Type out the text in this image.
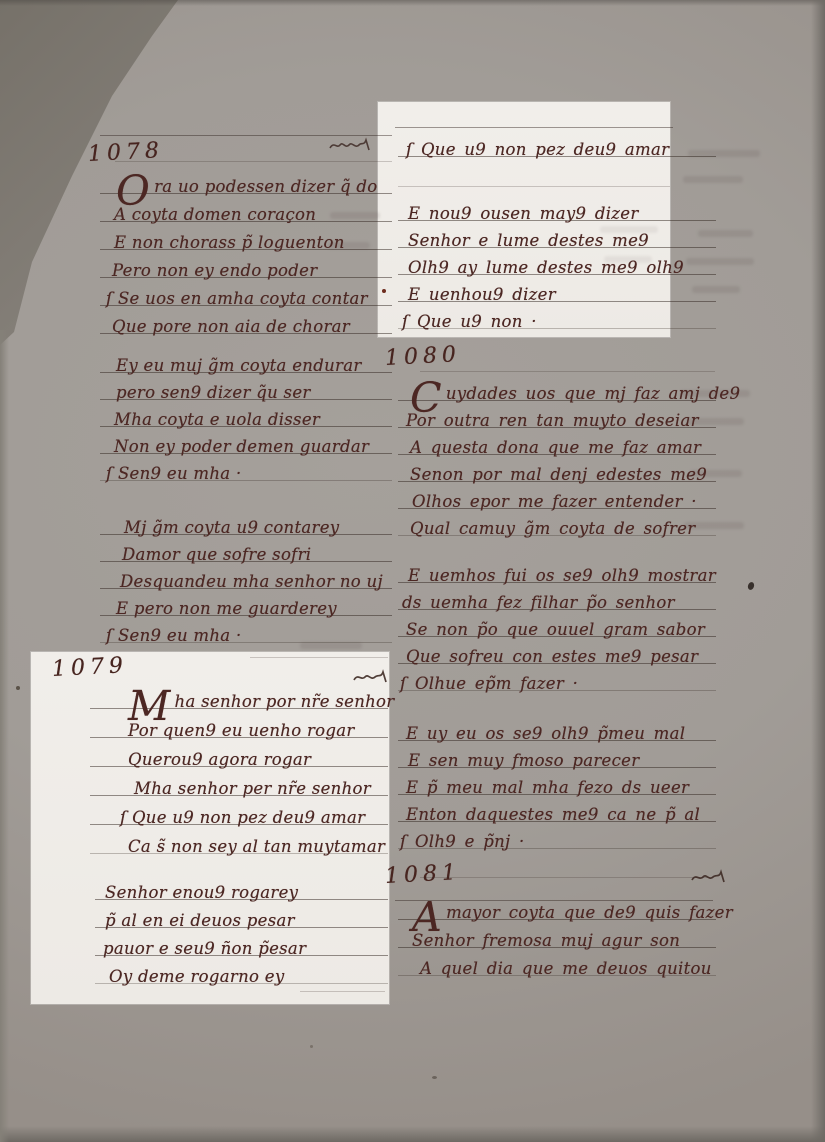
1078
1079
1080
1081
Ora uo podessen dizer q̃ do
A coyta domen coraçon
E non chorass p̃ loguenton
Pero non ey endo poder
ſ Se uos en amha coyta contar
Que pore non aia de chorar
Ey eu muj g̃m coyta endurar
pero sen9 dizer q̃u ser
Mha coyta e uola disser
Non ey poder demen guardar
ſ Sen9 eu mha ·
Mj g̃m coyta u9 contarey
Damor que sofre sofri
Desquandeu mha senhor no uj
E pero non me guarderey
ſ Sen9 eu mha ·
Mha senhor por nr̃e senhor
Por quen9 eu uenho rogar
Querou9 agora rogar
Mha senhor per nr̃e senhor
ſ Que u9 non pez deu9 amar
Ca s̃ non sey al tan muytamar
Senhor enou9 rogarey
p̃ al en ei deuos pesar
pauor e seu9 ñon p̃esar
Oy deme rogarno ey
ſ Que u9 non pez deu9 amar
E nou9 ousen may9 dizer
Senhor e lume destes me9
Olh9 ay lume destes me9 olh9
E uenhou9 dizer
ſ Que u9 non ·
Cuydades uos que mj faz amj de9
Por outra ren tan muyto deseiar
A questa dona que me faz amar
Senon por mal denj edestes me9
Olhos epor me fazer entender ·
Qual camuy g̃m coyta de sofrer
E uemhos fui os se9 olh9 mostrar
ds uemha fez filhar p̃o senhor
Se non p̃o que ouuel gram sabor
Que sofreu con estes me9 pesar
ſ Olhue ep̃m fazer ·
E uy eu os se9 olh9 p̃meu mal
E sen muy fmoso parecer
E p̃ meu mal mha fezo ds ueer
Enton daquestes me9 ca ne p̃ al
ſ Olh9 e p̃nj ·
Amayor coyta que de9 quis fazer
Senhor fremosa muj agur son
A quel dia que me deuos quitou
